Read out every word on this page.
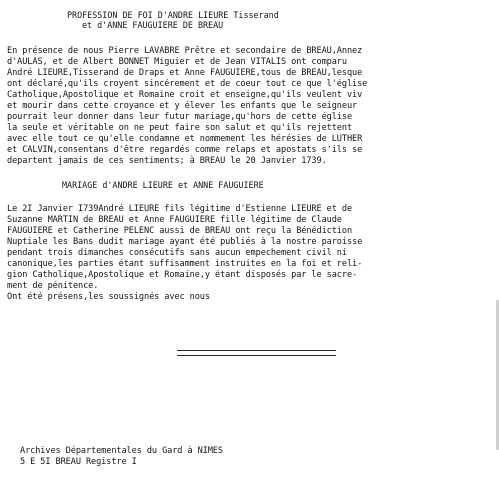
PROFESSION DE FOI D'ANDRE LIEURE Tisserand
et d'ANNE FAUGUIERE DE BREAU
En présence de nous Pierre LAVABRE Prêtre et secondaire de BREAU,Annez
d'AULAS, et de Albert BONNET Miguier et de Jean VITALIS ont comparu
André LIEURE,Tisserand de Draps et Anne FAUGUIERE,tous de BREAU,lesque
ont déclaré,qu'ils croyent sincérement et de coeur tout ce que l'église
Catholique,Apostolique et Romaine croit et enseigne,qu'ils veulent viv
et mourir dans cette croyance et y élever les enfants que le seigneur
pourrait leur donner dans leur futur mariage,qu'hors de cette église
la seule et véritable on ne peut faire son salut et qu'ils rejettent
avec elle tout ce qu'elle condamne et nommement les hérésies de LUTHER
et CALVIN,consentans d'être regardés comme relaps et apostats s'ils se
departent jamais de ces sentiments; à BREAU le 20 Janvier 1739.
MARIAGE d'ANDRE LIEURE et ANNE FAUGUIERE
Le 2I Janvier I739André LIEURE fils légitime d'Estienne LIEURE et de
Suzanne MARTIN de BREAU et Anne FAUGUIERE fille légitime de Claude
FAUGUIERE et Catherine PELENC aussi de BREAU ont reçu la Bénédiction
Nuptiale les Bans dudit mariage ayant été publiés à la nostre paroisse
pendant trois dimanches consécutifs sans aucun empechement civil ni
canonique,les parties étant suffisamment instruites en la foi et reli-
gion Catholique,Apostolique et Romaine,y étant disposés par le sacre-
ment de pénitence.
Ont été présens,les soussignés avec nous
Archives Départementales du Gard à NIMES
5 E 5I BREAU Registre I
